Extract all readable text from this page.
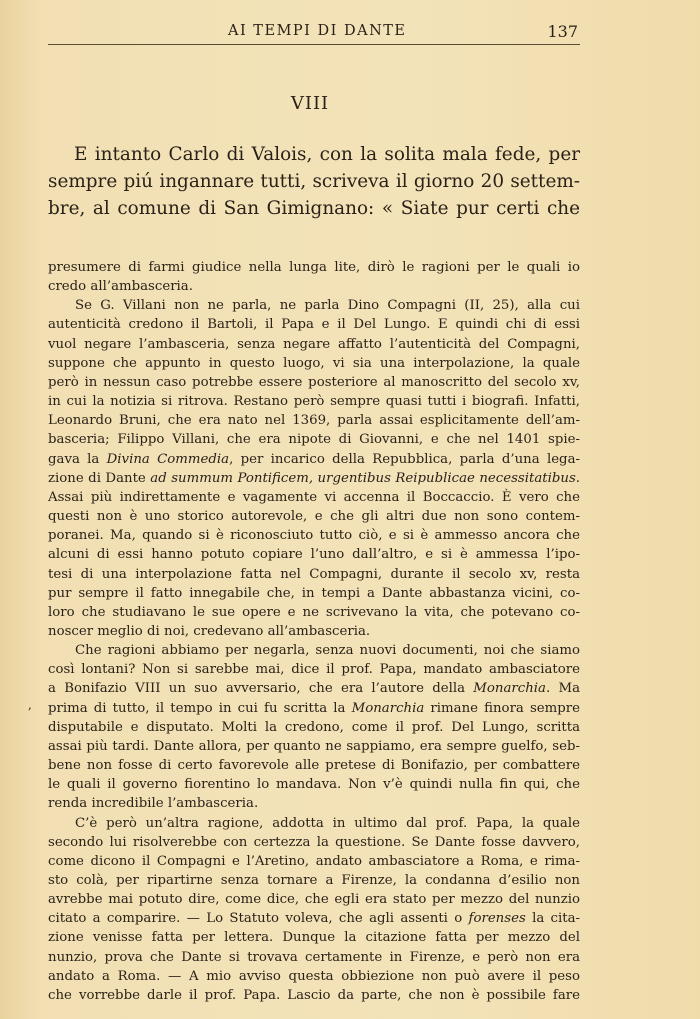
AI TEMPI DI DANTE	137
VIII
E intanto Carlo di Valois, con la solita mala fede, per
sempre piú ingannare tutti, scriveva il giorno 20 settem-
bre, al comune di San Gimignano: « Siate pur certi che
,

presumere di farmi giudice nella lunga lite, dirò le ragioni per le quali io
credo all’ambasceria.

Se G. Villani non ne parla, ne parla Dino Compagni (II, 25), alla cui
autenticità credono il Bartoli, il Papa e il Del Lungo. E quindi chi di essi
vuol negare l’ambasceria, senza negare affatto l’autenticità del Compagni,
suppone che appunto in questo luogo, vi sia una interpolazione, la quale
però in nessun caso potrebbe essere posteriore al manoscritto del secolo xv,
in cui la notizia si ritrova. Restano però sempre quasi tutti i biografi. Infatti,
Leonardo Bruni, che era nato nel 1369, parla assai esplicitamente dell’am-
basceria; Filippo Villani, che era nipote di Giovanni, e che nel 1401 spie-
gava la Divina Commedia, per incarico della Repubblica, parla d’una lega-
zione di Dante ad summum Pontificem, urgentibus Reipublicae necessitatibus.
Assai più indirettamente e vagamente vi accenna il Boccaccio. È vero che
questi non è uno storico autorevole, e che gli altri due non sono contem-
poranei. Ma, quando si è riconosciuto tutto ciò, e si è ammesso ancora che
alcuni di essi hanno potuto copiare l’uno dall’altro, e si è ammessa l’ipo-
tesi di una interpolazione fatta nel Compagni, durante il secolo xv, resta
pur sempre il fatto innegabile che, in tempi a Dante abbastanza vicini, co-
loro che studiavano le sue opere e ne scrivevano la vita, che potevano co-
noscer meglio di noi, credevano all’ambasceria.

Che ragioni abbiamo per negarla, senza nuovi documenti, noi che siamo
così lontani? Non si sarebbe mai, dice il prof. Papa, mandato ambasciatore
a Bonifazio VIII un suo avversario, che era l’autore della Monarchia. Ma
prima di tutto, il tempo in cui fu scritta la Monarchia rimane finora sempre
disputabile e disputato. Molti la credono, come il prof. Del Lungo, scritta
assai più tardi. Dante allora, per quanto ne sappiamo, era sempre guelfo, seb-
bene non fosse di certo favorevole alle pretese di Bonifazio, per combattere
le quali il governo fiorentino lo mandava. Non v’è quindi nulla fin qui, che
renda incredibile l’ambasceria.

C’è però un’altra ragione, addotta in ultimo dal prof. Papa, la quale
secondo lui risolverebbe con certezza la questione. Se Dante fosse davvero,
come dicono il Compagni e l’Aretino, andato ambasciatore a Roma, e rima-
sto colà, per ripartirne senza tornare a Firenze, la condanna d’esilio non
avrebbe mai potuto dire, come dice, che egli era stato per mezzo del nunzio
citato a comparire. — Lo Statuto voleva, che agli assenti o forenses la cita-
zione venisse fatta per lettera. Dunque la citazione fatta per mezzo del
nunzio, prova che Dante si trovava certamente in Firenze, e però non era
andato a Roma. — A mio avviso questa obbiezione non può avere il peso
che vorrebbe darle il prof. Papa. Lascio da parte, che non è possibile fare
